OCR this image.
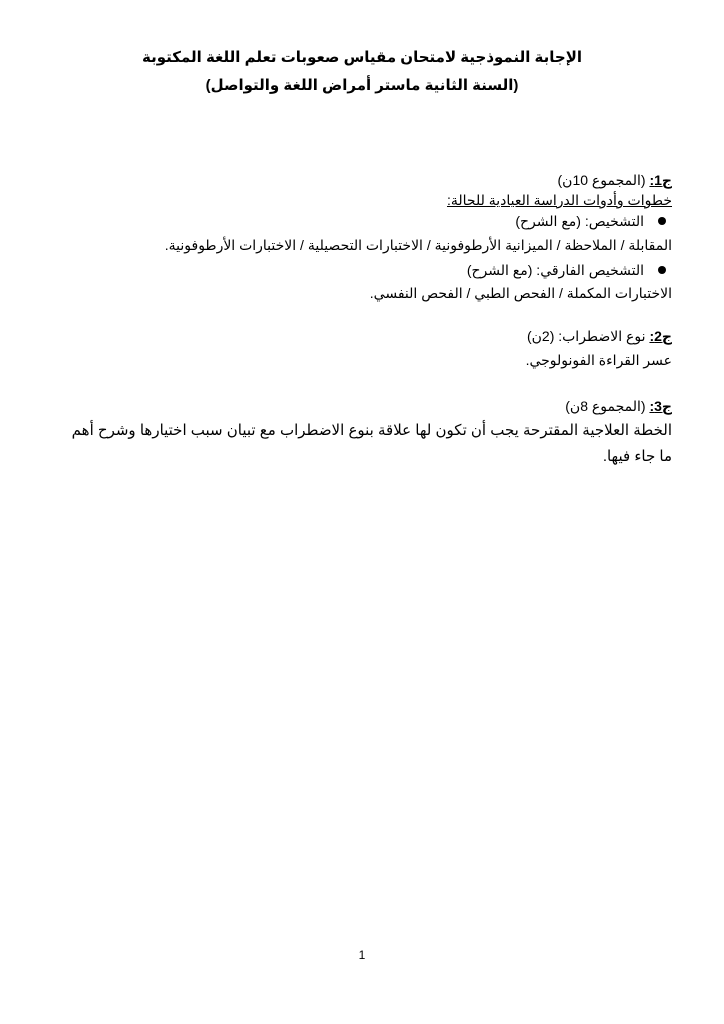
الإجابة النموذجية لامتحان مقياس صعوبات تعلم اللغة المكتوبة
(السنة الثانية ماستر أمراض اللغة والتواصل)
ج1: (المجموع 10ن)
خطوات وأدوات الدراسة العيادية للحالة:
التشخيص: (مع الشرح)
المقابلة / الملاحظة / الميزانية الأرطوفونية / الاختبارات التحصيلية / الاختبارات الأرطوفونية.
التشخيص الفارقي: (مع الشرح)
الاختبارات المكملة / الفحص الطبي / الفحص النفسي.
ج2: نوع الاضطراب: (2ن)
عسر القراءة الفونولوجي.
ج3: (المجموع 8ن)
الخطة العلاجية المقترحة يجب أن تكون لها علاقة بنوع الاضطراب مع تبيان سبب اختيارها وشرح أهم
ما جاء فيها.
1
